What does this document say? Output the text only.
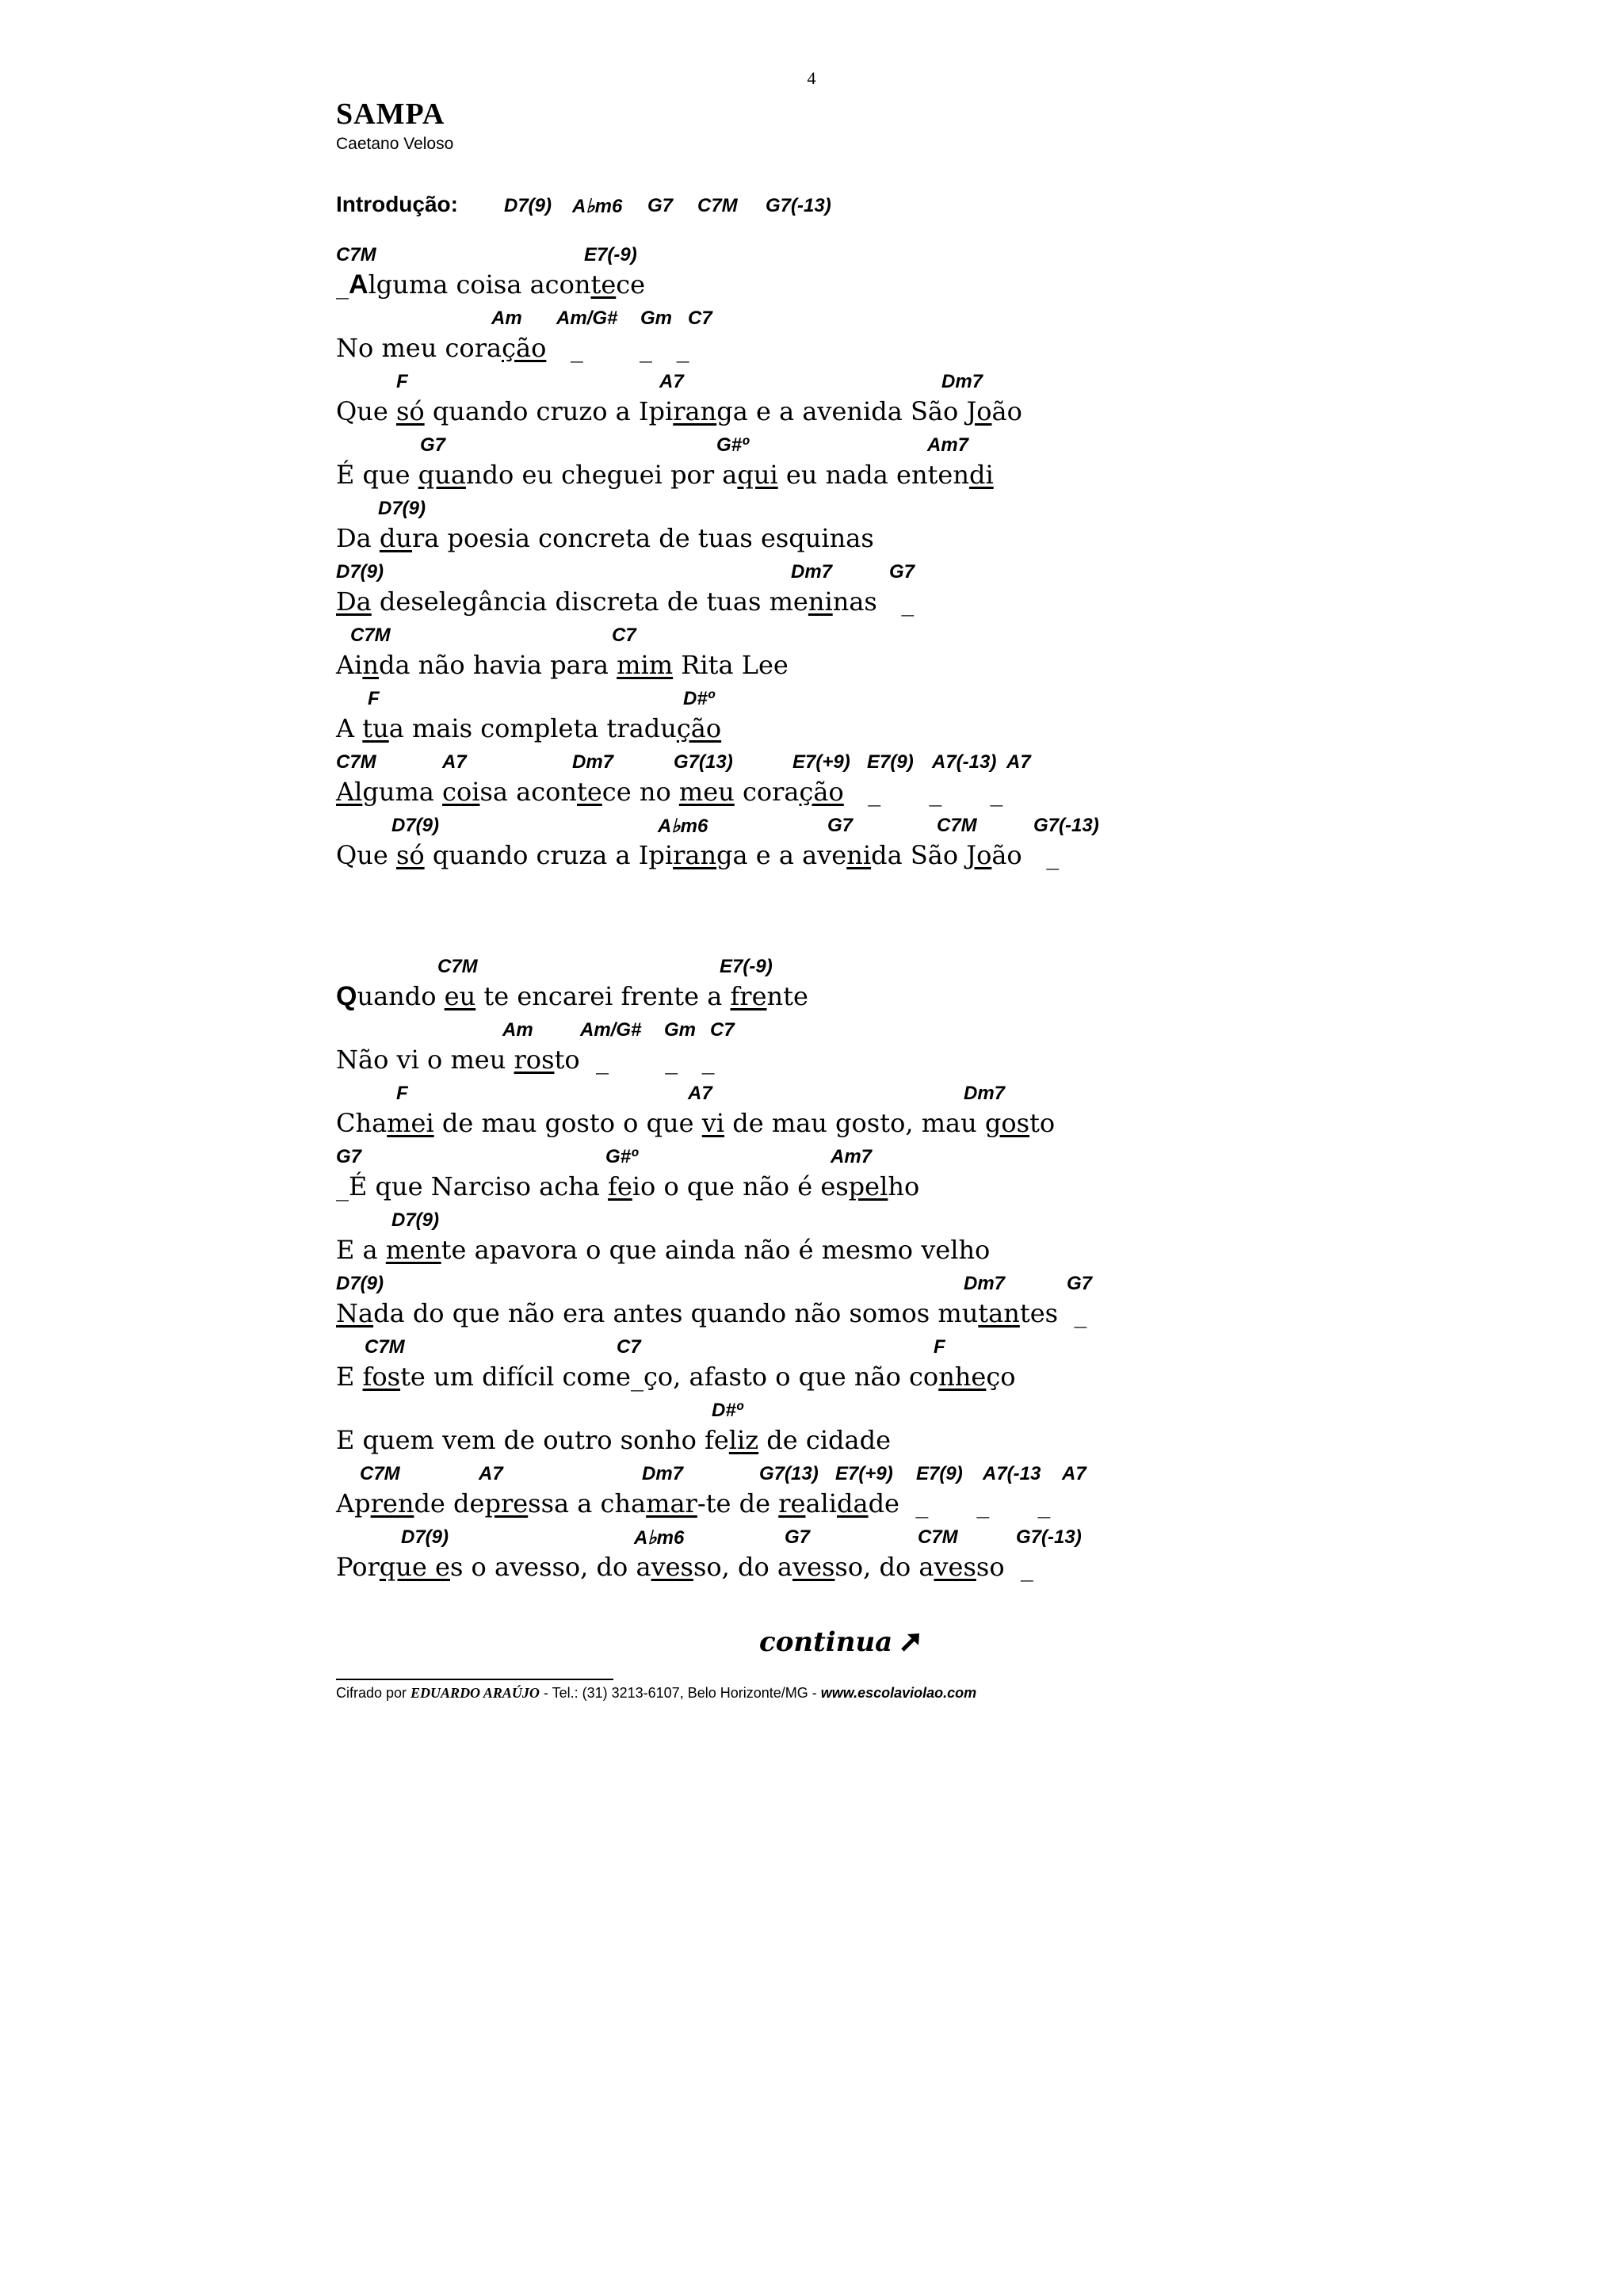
4
SAMPA
Caetano Veloso
Introdução: D7(9) A♭m6 G7 C7M G7(-13)
C7M	E7(-9)
_Alguma coisa acontece
Am Am/G# Gm C7
No meu coração   _       _   _
F	A7	Dm7
Que só quando cruzo a Ipiranga e a avenida São João
G7	G#º	Am7
É que quando eu cheguei por aqui eu nada entendi
D7(9)
Da dura poesia concreta de tuas esquinas
D7(9)	Dm7	G7
Da deselegância discreta de tuas meninas   _
C7M	C7
Ainda não havia para mim Rita Lee
F	D#º
A tua mais completa tradução
C7M	A7	Dm7	G7(13)	E7(+9) E7(9) A7(-13) A7
Alguma coisa acontece no meu coração   _      _      _
D7(9)	A♭m6	G7	C7M	G7(-13)
Que só quando cruza a Ipiranga e a avenida São João   _
C7M	E7(-9)
Quando eu te encarei frente a frente
Am Am/G# Gm C7
Não vi o meu rosto  _       _   _
F	A7	Dm7
Chamei de mau gosto o que vi de mau gosto, mau gosto
G7	G#º	Am7
_É que Narciso acha feio o que não é espelho
D7(9)
E a mente apavora o que ainda não é mesmo velho
D7(9)	Dm7	G7
Nada do que não era antes quando não somos mutantes  _
C7M	C7	F
E foste um difícil come_ço, afasto o que não conheço
D#º
E quem vem de outro sonho feliz de cidade
C7M	A7	Dm7	G7(13) E7(+9) E7(9) A7(-13 A7
Aprende depressa a chamar-te de realidade  _      _      _
D7(9)	A♭m6	G7	C7M	G7(-13)
Porque es o avesso, do avesso, do avesso, do avesso  _
continua
Cifrado por EDUARDO ARAÚJO - Tel.: (31) 3213-6107, Belo Horizonte/MG - www.escolaviolao.com
